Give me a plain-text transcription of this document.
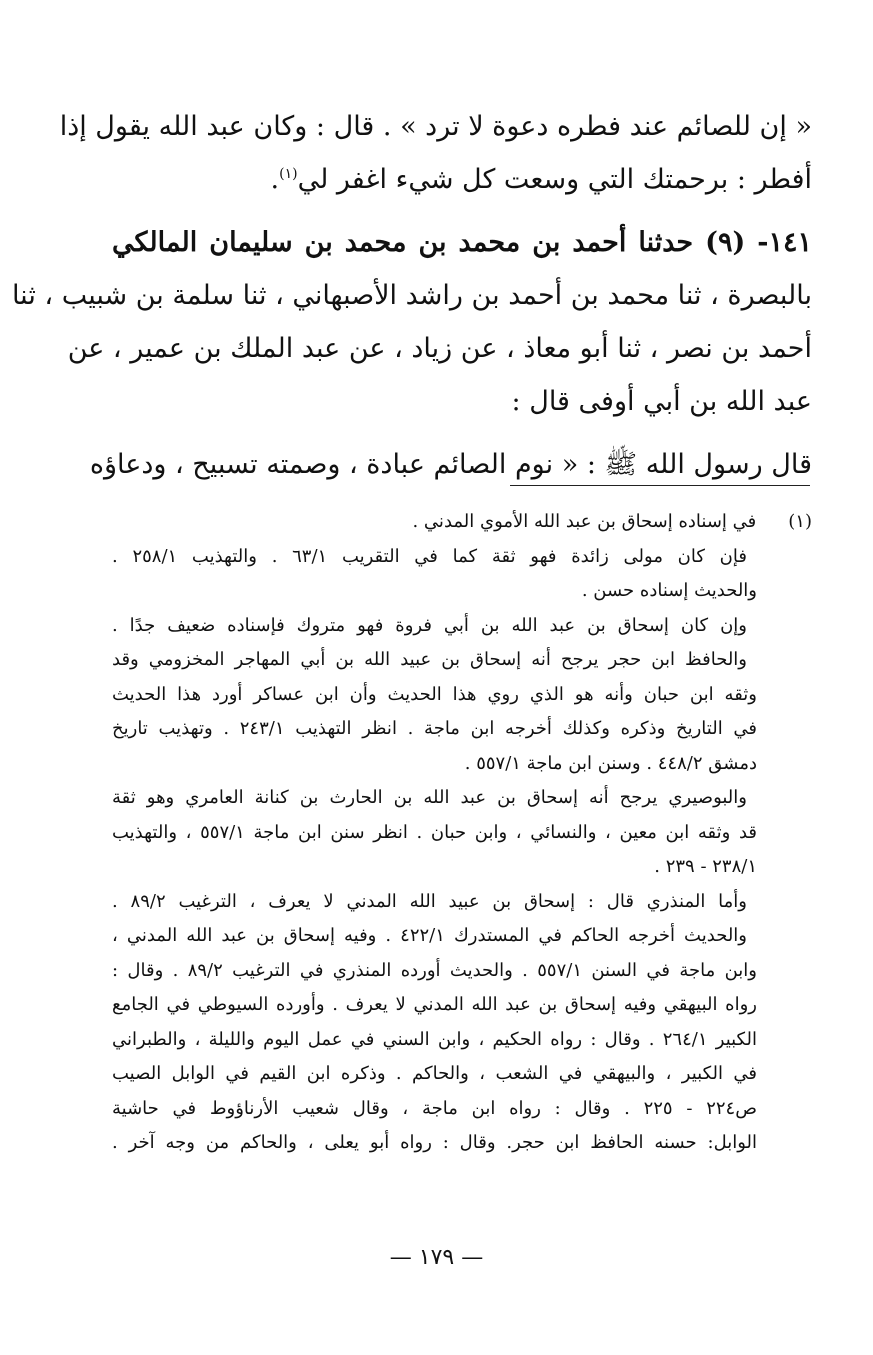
« إن للصائم عند فطره دعوة لا ترد » . قال : وكان عبد الله يقول إذا
أفطر : برحمتك التي وسعت كل شيء اغفر لي$^{(١)}$.
١٤١- (٩) حدثنا أحمد بن محمد بن محمد بن سليمان المالكي
بالبصرة ، ثنا محمد بن أحمد بن راشد الأصبهاني ، ثنا سلمة بن شبيب ، ثنا
أحمد بن نصر ، ثنا أبو معاذ ، عن زياد ، عن عبد الملك بن عمير ، عن
عبد الله بن أبي أوفى قال :
قال رسول الله ﷺ : « نوم الصائم عبادة ، وصمته تسبيح ، ودعاؤه
(١) في إسناده إسحاق بن عبد الله الأموي المدني .
فإن كان مولى زائدة فهو ثقة كما في التقريب ٦٣/١ . والتهذيب ٢٥٨/١ .
والحديث إسناده حسن .
وإن كان إسحاق بن عبد الله بن أبي فروة فهو متروك فإسناده ضعيف جدًا .
والحافظ ابن حجر يرجح أنه إسحاق بن عبيد الله بن أبي المهاجر المخزومي وقد
وثقه ابن حبان وأنه هو الذي روي هذا الحديث وأن ابن عساكر أورد هذا الحديث
في التاريخ وذكره وكذلك أخرجه ابن ماجة . انظر التهذيب ٢٤٣/١ . وتهذيب تاريخ
دمشق ٤٤٨/٢ . وسنن ابن ماجة ٥٥٧/١ .
والبوصيري يرجح أنه إسحاق بن عبد الله بن الحارث بن كنانة العامري وهو ثقة
قد وثقه ابن معين ، والنسائي ، وابن حبان . انظر سنن ابن ماجة ٥٥٧/١ ، والتهذيب
٢٣٨/١ - ٢٣٩ .
وأما المنذري قال : إسحاق بن عبيد الله المدني لا يعرف ، الترغيب ٨٩/٢ .
والحديث أخرجه الحاكم في المستدرك ٤٢٢/١ . وفيه إسحاق بن عبد الله المدني ،
وابن ماجة في السنن ٥٥٧/١ . والحديث أورده المنذري في الترغيب ٨٩/٢ . وقال :
رواه البيهقي وفيه إسحاق بن عبد الله المدني لا يعرف . وأورده السيوطي في الجامع
الكبير ٢٦٤/١ . وقال : رواه الحكيم ، وابن السني في عمل اليوم والليلة ، والطبراني
في الكبير ، والبيهقي في الشعب ، والحاكم . وذكره ابن القيم في الوابل الصيب
ص٢٢٤ - ٢٢٥ . وقال : رواه ابن ماجة ، وقال شعيب الأرناؤوط في حاشية
الوابل: حسنه الحافظ ابن حجر. وقال : رواه أبو يعلى ، والحاكم من وجه آخر .
— ١٧٩ —
